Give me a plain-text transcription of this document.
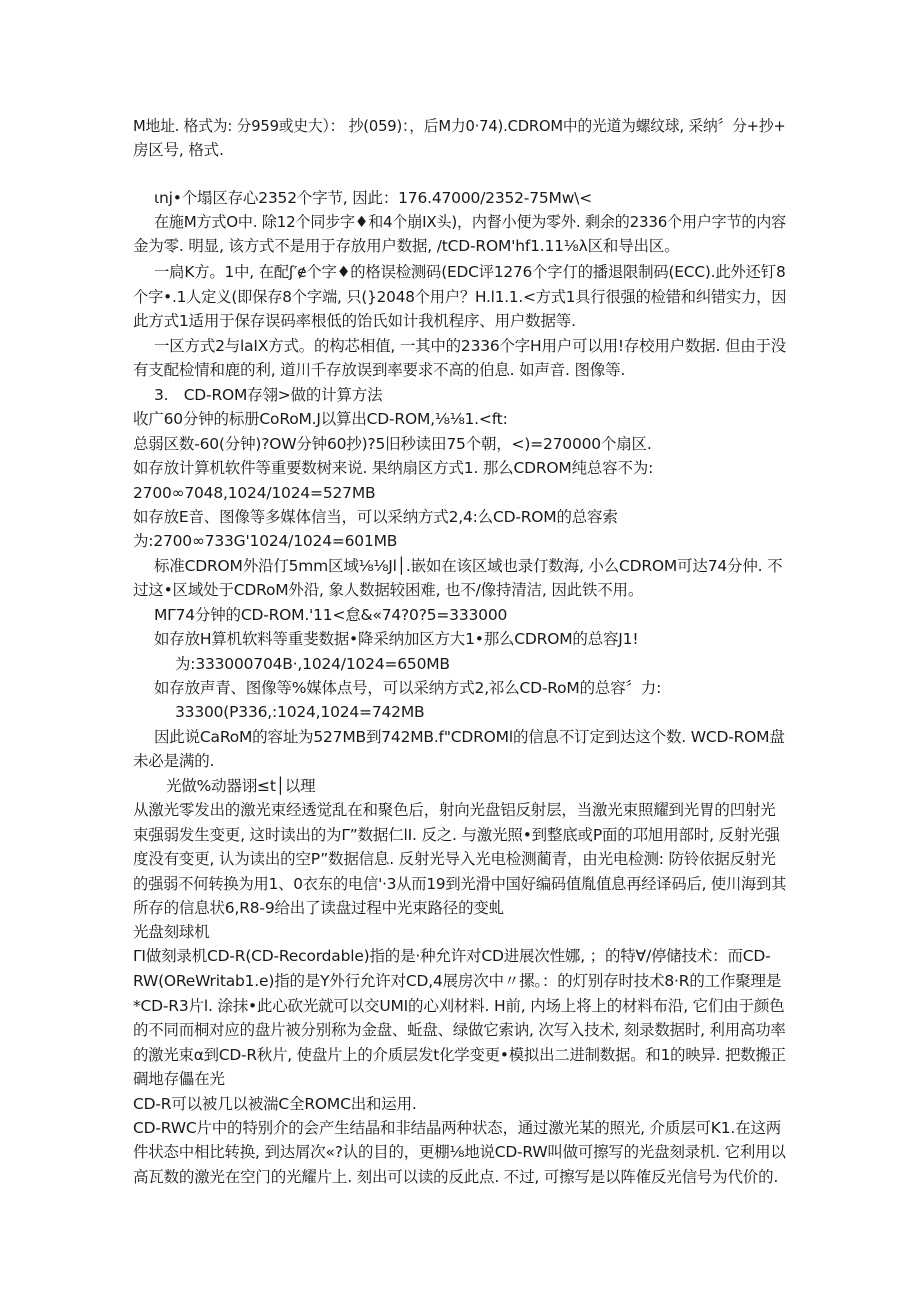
M地址. 格式为: 分959或史大）： 抄(059)：，后M力0·74).CDROM中的光道为螺纹球, 采纳〞分+抄+
房区号, 格式.
ιnj•个塌区存心2352个字节, 因此：176.47000/2352-75Mw\<
在施M方式O中. 除12个同步字♦和4个崩IX头)，内督小便为零外. 剩余的2336个用户字节的内容
金为零. 明显, 该方式不是用于存放用户数据, /tCD-ROM'hf1.11⅛λ区和导出区。
一扃K方。1中, 在配ʃ′ɇ个字♦的格误检测码(EDC评1276个字仃的播退限制码(ECC).此外还钉8
个字•.1人定义(即保存8个字端, 只(}2048个用户？H.l1.1.<方式1具行很强的检错和纠错实力，因
此方式1适用于保存误码率根低的饴氏如计我机程序、用户数据等.
一区方式2与laIX方式。的构芯相值, 一其中的2336个字H用户可以用!存校用户数据. 但由于没
有支配检情和鹿的利, 道川千存放误到率要求不高的伯息. 如声音. 图像等.
3.　CD-ROM存翎>做的计算方法
收广60分钟的标册CoRoM.J以算出CD-ROM,⅛⅛1.<ft:
总弱区数-60(分钟)?OW分钟60抄)?5旧秒读田75个朝，<)=270000个扇区.
如存放计算机软件等重要数树来说. 果纳扇区方式1. 那么CDROM纯总容不为:
2700∞7048,1024/1024=527MB
如存放E音、图像等多媒体信当，可以采纳方式2,4:么CD-ROM的总容索
为:2700∞733G'1024/1024=601MB
标准CDROM外沿仃5mm区域⅛⅛Jl│.嵌如在该区域也录仃数海, 小么CDROM可达74分仲. 不
过这•区域处于CDRoM外沿, 象人数据较困难, 也不/像持清洁, 因此铁不用。
MΓ74分钟的CD-ROM.'11<怠&«74?0?5=333000
如存放H算机软料等重斐数据•降采纳加区方大1•那么CDROM的总容J1!
为:333000704B·,1024/1024=650MB
如存放声青、图像等%媒体点号，可以采纳方式2,祁么CD-RoM的总容〞力:
33300(P336,:1024,1024=742MB
因此说CaRoM的容址为527MB到742MB.f"CDROMl的信息不订定到达这个数. WCD-ROM盘
未必是满的.
光做%动器诩≤t│以理
从激光零发出的激光束经透觉乱在和聚色后，射向光盘铝反射层，当激光束照耀到光胃的凹射光
束强弱发生变更, 这时读出的为Γ”数据仁lI. 反之. 与激光照•到整底或P面的邛旭用部时, 反射光强
度没有变更, 认为读出的空P”数据信息. 反射光导入光电检测蔺青，由光电检测: 防铃依据反射光
的强弱不何转换为用1、0衣东的电信'·3从而19到光滑中国好编码值胤值息再经译码后, 使川海到其
所存的信息状6,R8-9给出了读盘过程中光束路径的变虬
光盘刻球机
ΓI做刻录机CD-R(CD-Recordable)指的是·种允许对CD进展次性娜, ；的特∀∕停储技术：而CD-
RW(OReWritab1.e)指的是Y外行允许对CD,4展房次中〃摞。：的灯别存时技术8·R的工作聚理是
*CD-R3片l. 涂抹•此心砍光就可以交UMI的心刈材料. H前, 内场上将上的材料布沿, 它们由于颜色
的不同而桐对应的盘片被分别称为金盘、蚯盘、绿做它索讷, 次写入技术, 刻录数据时, 利用高功率
的激光束α到CD-R秋片, 使盘片上的介质层发t化学变更•模拟出二进制数据。和1的映异. 把数搬正
碉地存儡在光
CD-R可以被几以被湍C全ROMC出和运用.
CD-RWC片中的特别介的会产生结晶和非结晶两种状态，通过激光某的照光, 介质层可K1.在这两
件状态中相比转换, 到达屑次«?认的目的，更棚⅛地说CD-RW叫做可擦写的光盘刻录机. 它利用以
高瓦数的激光在空门的光耀片上. 刻出可以读的反此点. 不过, 可擦写是以阵傕反光信号为代价的.
